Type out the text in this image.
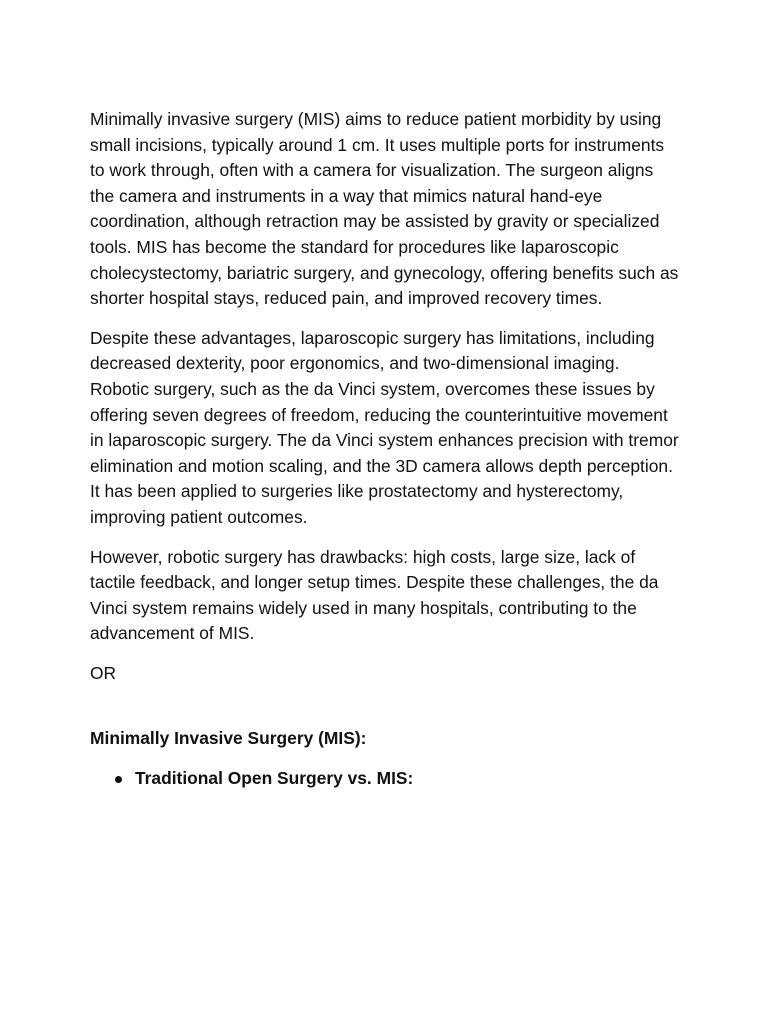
Minimally invasive surgery (MIS) aims to reduce patient morbidity by using small incisions, typically around 1 cm. It uses multiple ports for instruments to work through, often with a camera for visualization. The surgeon aligns the camera and instruments in a way that mimics natural hand-eye coordination, although retraction may be assisted by gravity or specialized tools. MIS has become the standard for procedures like laparoscopic cholecystectomy, bariatric surgery, and gynecology, offering benefits such as shorter hospital stays, reduced pain, and improved recovery times.

Despite these advantages, laparoscopic surgery has limitations, including decreased dexterity, poor ergonomics, and two-dimensional imaging. Robotic surgery, such as the da Vinci system, overcomes these issues by offering seven degrees of freedom, reducing the counterintuitive movement in laparoscopic surgery. The da Vinci system enhances precision with tremor elimination and motion scaling, and the 3D camera allows depth perception. It has been applied to surgeries like prostatectomy and hysterectomy, improving patient outcomes.

However, robotic surgery has drawbacks: high costs, large size, lack of tactile feedback, and longer setup times. Despite these challenges, the da Vinci system remains widely used in many hospitals, contributing to the advancement of MIS.

OR

Minimally Invasive Surgery (MIS):

Traditional Open Surgery vs. MIS:
